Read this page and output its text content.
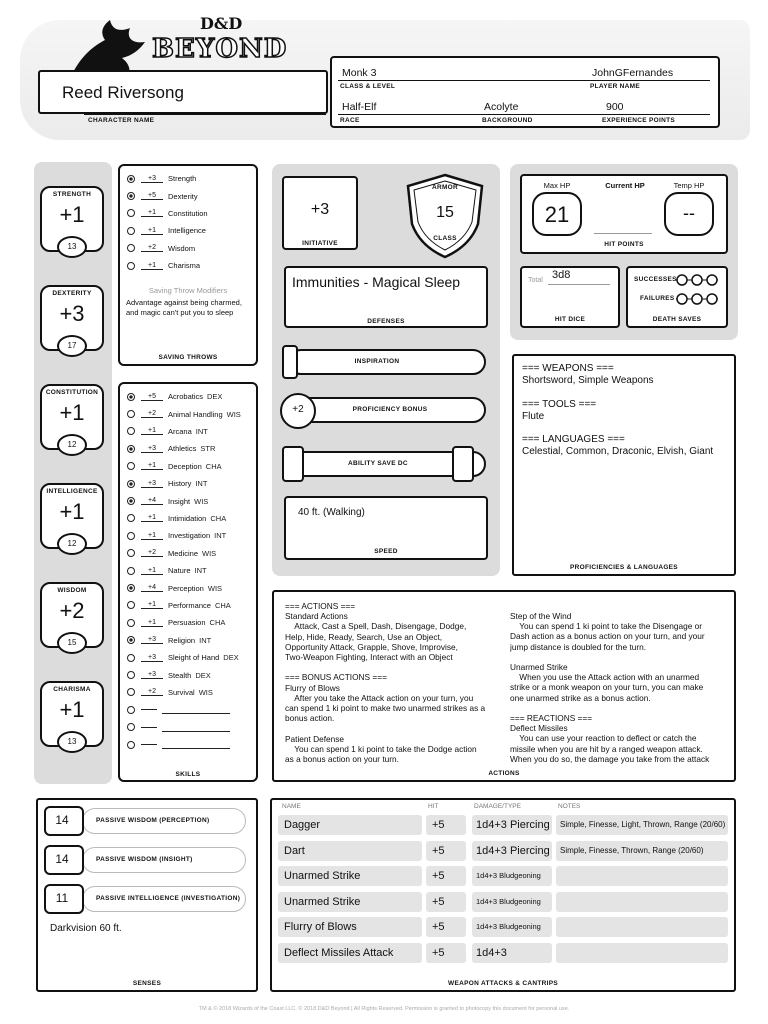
D&D
BEYOND
Reed Riversong
CHARACTER NAME
Monk 3
CLASS & LEVEL
JohnGFernandes
PLAYER NAME
Half-Elf
RACE
Acolyte
BACKGROUND
900
EXPERIENCE POINTS
STRENGTH
+1
13
DEXTERITY
+3
17
CONSTITUTION
+1
12
INTELLIGENCE
+1
12
WISDOM
+2
15
CHARISMA
+1
13
+3	Strength
+5	Dexterity
+1	Constitution
+1	Intelligence
+2	Wisdom
+1	Charisma
Saving Throw Modifiers
Advantage against being charmed, and magic can't put you to sleep
SAVING THROWS
+5	Acrobatics DEX
+2	Animal Handling WIS
+1	Arcana INT
+3	Athletics STR
+1	Deception CHA
+3	History INT
+4	Insight WIS
+1	Intimidation CHA
+1	Investigation INT
+2	Medicine WIS
+1	Nature INT
+4	Perception WIS
+1	Performance CHA
+1	Persuasion CHA
+3	Religion INT
+3	Sleight of Hand DEX
+3	Stealth DEX
+2	Survival WIS
SKILLS
+3
INITIATIVE
ARMOR
15
CLASS
Immunities - Magical Sleep
DEFENSES
INSPIRATION
+2	PROFICIENCY BONUS
ABILITY SAVE DC
40 ft. (Walking)
SPEED
Max HP
21
Current HP	Temp HP
--
HIT POINTS
Total 3d8
HIT DICE
SUCCESSES
FAILURES
DEATH SAVES
=== WEAPONS ===
Shortsword, Simple Weapons
=== TOOLS ===
Flute
=== LANGUAGES ===
Celestial, Common, Draconic, Elvish, Giant
PROFICIENCIES & LANGUAGES
=== ACTIONS ===
Standard Actions
Attack, Cast a Spell, Dash, Disengage, Dodge,
Help, Hide, Ready, Search, Use an Object,
Opportunity Attack, Grapple, Shove, Improvise,
Two-Weapon Fighting, Interact with an Object

=== BONUS ACTIONS ===
Flurry of Blows
After you take the Attack action on your turn, you
can spend 1 ki point to make two unarmed strikes as a
bonus action.

Patient Defense
You can spend 1 ki point to take the Dodge action
as a bonus action on your turn.
Step of the Wind
You can spend 1 ki point to take the Disengage or
Dash action as a bonus action on your turn, and your
jump distance is doubled for the turn.

Unarmed Strike
When you use the Attack action with an unarmed
strike or a monk weapon on your turn, you can make
one unarmed strike as a bonus action.

=== REACTIONS ===
Deflect Missiles
You can use your reaction to deflect or catch the
missile when you are hit by a ranged weapon attack.
When you do so, the damage you take from the attack
ACTIONS
14	PASSIVE WISDOM (PERCEPTION)
14	PASSIVE WISDOM (INSIGHT)
11	PASSIVE INTELLIGENCE (INVESTIGATION)
Darkvision 60 ft.
SENSES
NAME	HIT	DAMAGE/TYPE	NOTES
Dagger	+5	1d4+3 Piercing	Simple, Finesse, Light, Thrown, Range (20/60)
Dart	+5	1d4+3 Piercing	Simple, Finesse, Thrown, Range (20/60)
Unarmed Strike	+5	1d4+3 Bludgeoning
Unarmed Strike	+5	1d4+3 Bludgeoning
Flurry of Blows	+5	1d4+3 Bludgeoning
Deflect Missiles Attack	+5	1d4+3
WEAPON ATTACKS & CANTRIPS
TM & © 2018 Wizards of the Coast LLC. © 2018 D&D Beyond | All Rights Reserved. Permission is granted to photocopy this document for personal use.
